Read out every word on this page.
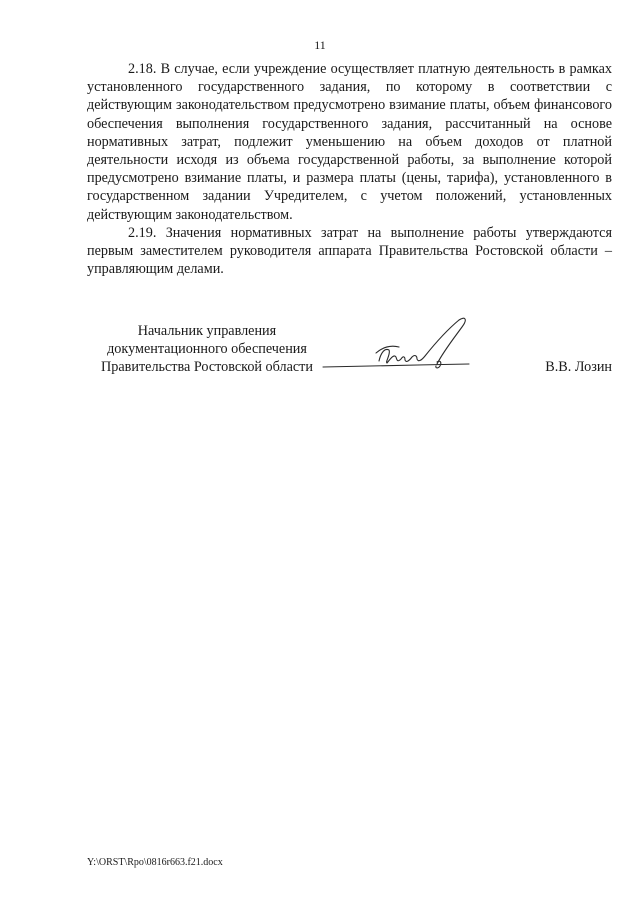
11

2.18. В случае, если учреждение осуществляет платную деятельность в рамках установленного государственного задания, по которому в соответствии с действующим законодательством предусмотрено взимание платы, объем финансового обеспечения выполнения государственного задания, рассчитанный на основе нормативных затрат, подлежит уменьшению на объем доходов от платной деятельности исходя из объема государственной работы, за выполнение которой предусмотрено взимание платы, и размера платы (цены, тарифа), установленного в государственном задании Учредителем, с учетом положений, установленных действующим законодательством.

2.19. Значения нормативных затрат на выполнение работы утверждаются первым заместителем руководителя аппарата Правительства Ростовской области – управляющим делами.

Начальник управления
документационного обеспечения
Правительства Ростовской области	В.В. Лозин
Y:\ORST\Rpo\0816r663.f21.docx
